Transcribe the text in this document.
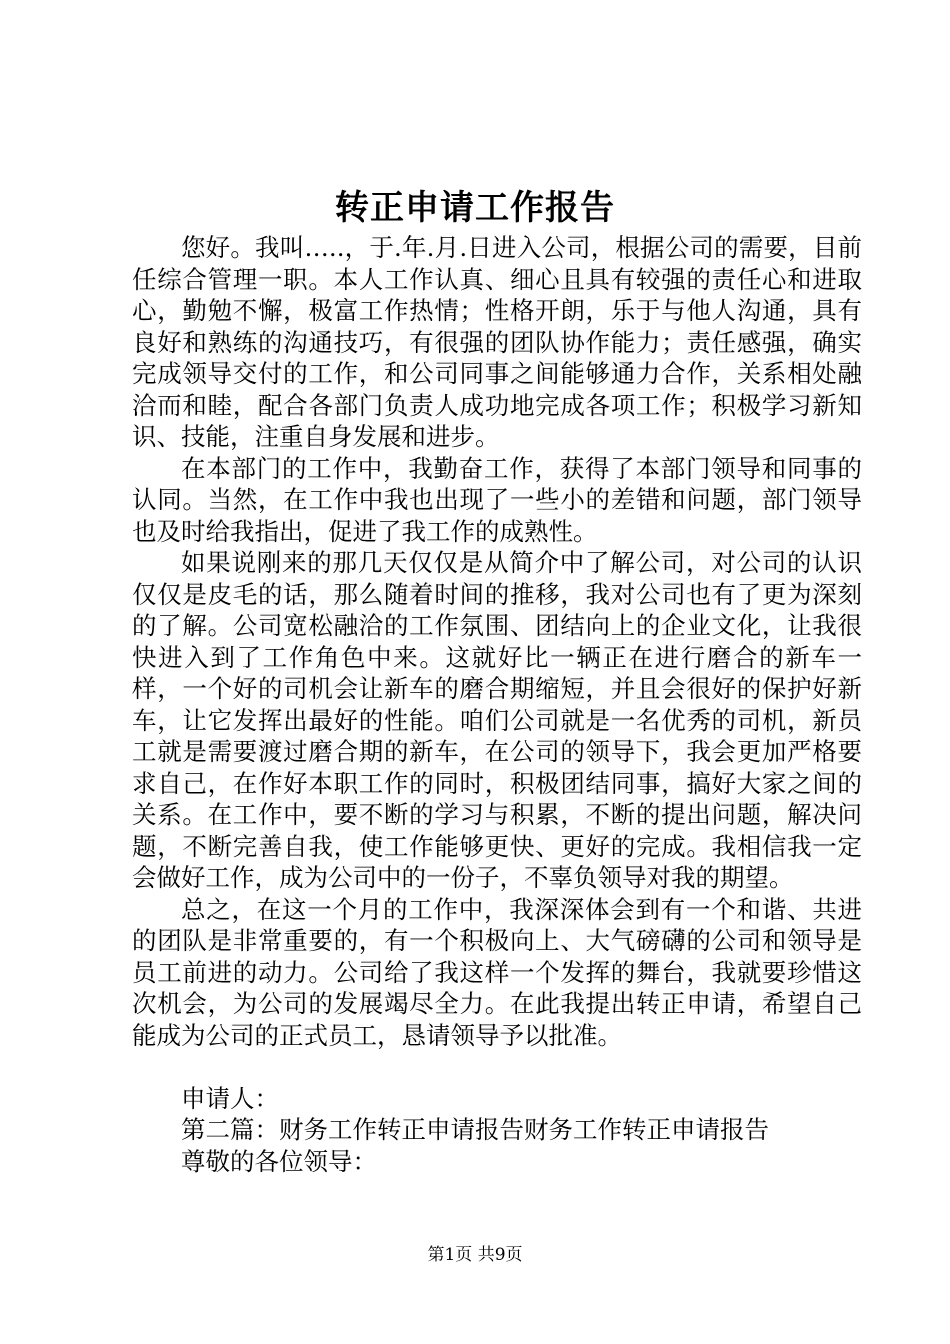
转正申请工作报告

您好。我叫…..，于.年.月.日进入公司，根据公司的需要，目前任综合管理一职。本人工作认真、细心且具有较强的责任心和进取心，勤勉不懈，极富工作热情；性格开朗，乐于与他人沟通，具有良好和熟练的沟通技巧，有很强的团队协作能力；责任感强，确实完成领导交付的工作，和公司同事之间能够通力合作，关系相处融洽而和睦，配合各部门负责人成功地完成各项工作；积极学习新知识、技能，注重自身发展和进步。

在本部门的工作中，我勤奋工作，获得了本部门领导和同事的认同。当然，在工作中我也出现了一些小的差错和问题，部门领导也及时给我指出，促进了我工作的成熟性。

如果说刚来的那几天仅仅是从简介中了解公司，对公司的认识仅仅是皮毛的话，那么随着时间的推移，我对公司也有了更为深刻的了解。公司宽松融洽的工作氛围、团结向上的企业文化，让我很快进入到了工作角色中来。这就好比一辆正在进行磨合的新车一样，一个好的司机会让新车的磨合期缩短，并且会很好的保护好新车，让它发挥出最好的性能。咱们公司就是一名优秀的司机，新员工就是需要渡过磨合期的新车，在公司的领导下，我会更加严格要求自己，在作好本职工作的同时，积极团结同事，搞好大家之间的关系。在工作中，要不断的学习与积累，不断的提出问题，解决问题，不断完善自我，使工作能够更快、更好的完成。我相信我一定会做好工作，成为公司中的一份子，不辜负领导对我的期望。

总之，在这一个月的工作中，我深深体会到有一个和谐、共进的团队是非常重要的，有一个积极向上、大气磅礴的公司和领导是员工前进的动力。公司给了我这样一个发挥的舞台，我就要珍惜这次机会，为公司的发展竭尽全力。在此我提出转正申请，希望自己能成为公司的正式员工，恳请领导予以批准。

申请人：

第二篇：财务工作转正申请报告财务工作转正申请报告

尊敬的各位领导：

第1页 共9页
